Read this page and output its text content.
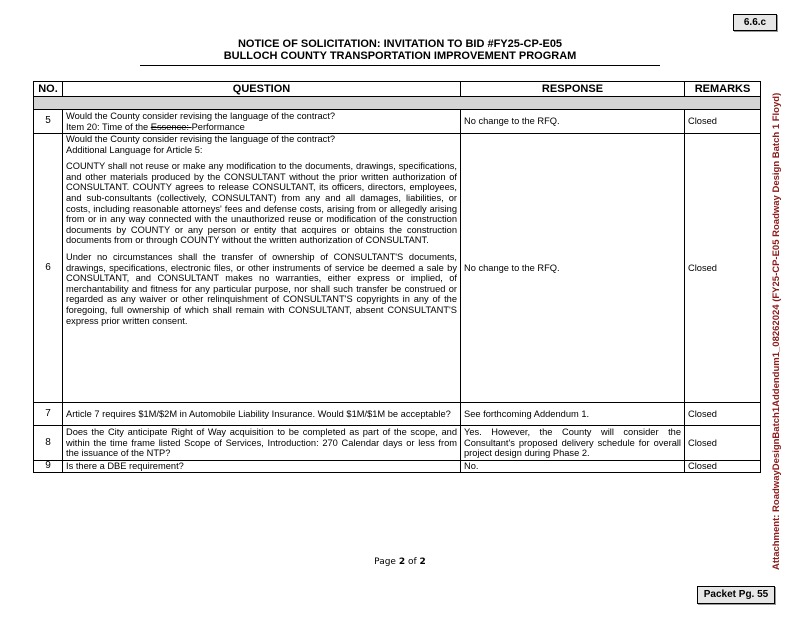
6.6.c
NOTICE OF SOLICITATION: INVITATION TO BID #FY25-CP-E05
BULLOCH COUNTY TRANSPORTATION IMPROVEMENT PROGRAM
NO.	QUESTION	RESPONSE	REMARKS

5	Would the County consider revising the language of the contract?

Item 20: Time of the Essence: Performance	No change to the RFQ.	Closed
6	Would the County consider revising the language of the contract?

Additional Language for Article 5:

COUNTY shall not reuse or make any modification to the documents, drawings, specifications, and other materials produced by the CONSULTANT without the prior written authorization of CONSULTANT. COUNTY agrees to release CONSULTANT, its officers, directors, employees, and sub-consultants (collectively, CONSULTANT) from any and all damages, liabilities, or costs, including reasonable attorneys' fees and defense costs, arising from or allegedly arising from or in any way connected with the unauthorized reuse or modification of the construction documents by COUNTY or any person or entity that acquires or obtains the construction documents from or through COUNTY without the written authorization of CONSULTANT.

Under no circumstances shall the transfer of ownership of CONSULTANT'S documents, drawings, specifications, electronic files, or other instruments of service be deemed a sale by CONSULTANT, and CONSULTANT makes no warranties, either express or implied, of merchantability and fitness for any particular purpose, nor shall such transfer be construed or regarded as any waiver or other relinquishment of CONSULTANT'S copyrights in any of the foregoing, full ownership of which shall remain with CONSULTANT, absent CONSULTANT'S express prior written consent.	No change to the RFQ.	Closed
7	Article 7 requires $1M/$2M in Automobile Liability Insurance. Would $1M/$1M be acceptable?	See forthcoming Addendum 1.	Closed
8	Does the City anticipate Right of Way acquisition to be completed as part of the scope, and within the time frame listed Scope of Services, Introduction: 270 Calendar days or less from the issuance of the NTP?	Yes. However, the County will consider the Consultant's proposed delivery schedule for overall project design during Phase 2.	Closed
9	Is there a DBE requirement?	No.	Closed
Page 2 of 2
Packet Pg. 55
Attachment: RoadwayDesignBatch1Addendum1_08262024 (FY25-CP-E05 Roadway Design Batch 1 Floyd)
